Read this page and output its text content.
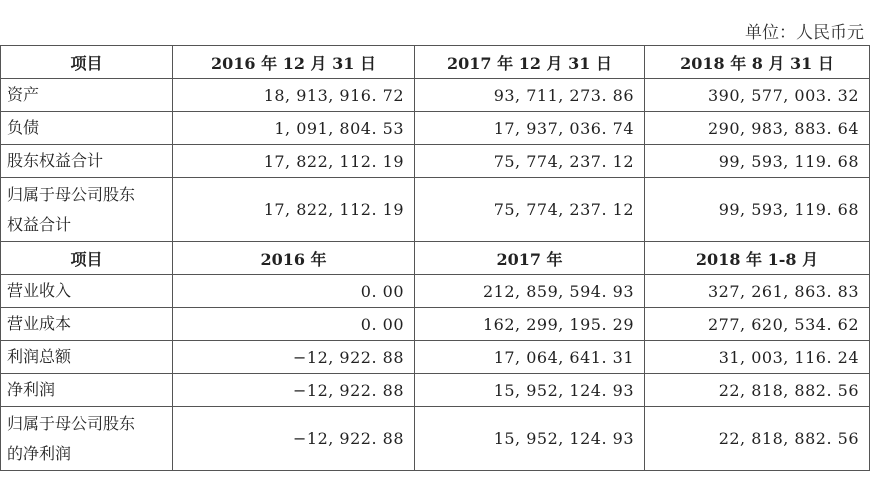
单位：人民币元
项目	2016 年 12 月 31 日	2017 年 12 月 31 日	2018 年 8 月 31 日
资产	18, 913, 916. 72	93, 711, 273. 86	390, 577, 003. 32
负债	1, 091, 804. 53	17, 937, 036. 74	290, 983, 883. 64
股东权益合计	17, 822, 112. 19	75, 774, 237. 12	99, 593, 119. 68

归属于母公司股东
权益合计	17, 822, 112. 19	75, 774, 237. 12	99, 593, 119. 68
项目	2016 年	2017 年	2018 年 1-8 月
营业收入	0. 00	212, 859, 594. 93	327, 261, 863. 83
营业成本	0. 00	162, 299, 195. 29	277, 620, 534. 62
利润总额	−12, 922. 88	17, 064, 641. 31	31, 003, 116. 24
净利润	−12, 922. 88	15, 952, 124. 93	22, 818, 882. 56

归属于母公司股东
的净利润	−12, 922. 88	15, 952, 124. 93	22, 818, 882. 56
